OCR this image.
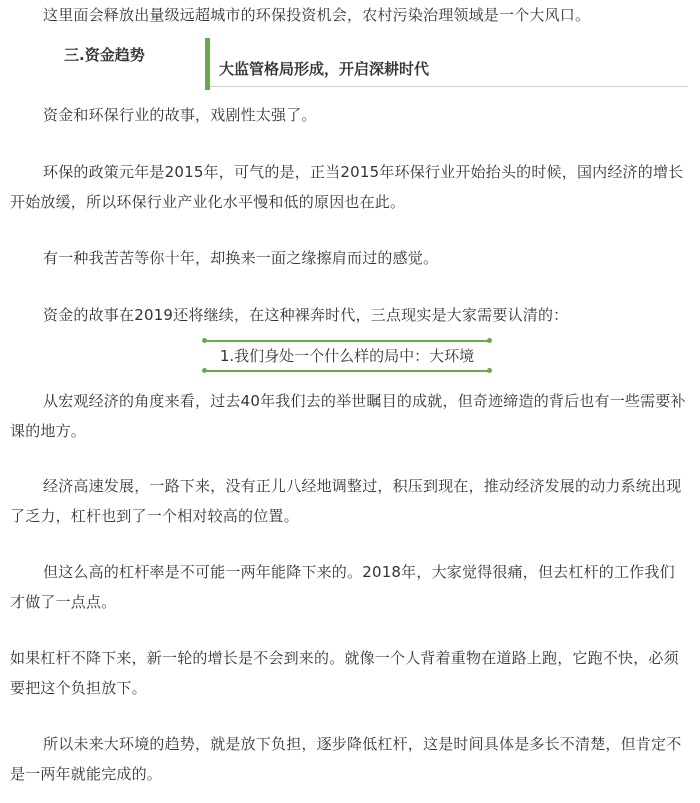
这里面会释放出量级远超城市的环保投资机会，农村污染治理领域是一个大风口。

三.资金趋势
大监管格局形成，开启深耕时代

资金和环保行业的故事，戏剧性太强了。

环保的政策元年是2015年，可气的是，正当2015年环保行业开始抬头的时候，国内经济的增长开始放缓，所以环保行业产业化水平慢和低的原因也在此。

有一种我苦苦等你十年，却换来一面之缘擦肩而过的感觉。

资金的故事在2019还将继续，在这种裸奔时代，三点现实是大家需要认清的：

1.我们身处一个什么样的局中：大环境

从宏观经济的角度来看，过去40年我们去的举世瞩目的成就，但奇迹缔造的背后也有一些需要补课的地方。

经济高速发展，一路下来，没有正儿八经地调整过，积压到现在，推动经济发展的动力系统出现了乏力，杠杆也到了一个相对较高的位置。

但这么高的杠杆率是不可能一两年能降下来的。2018年，大家觉得很痛，但去杠杆的工作我们才做了一点点。

如果杠杆不降下来，新一轮的增长是不会到来的。就像一个人背着重物在道路上跑，它跑不快，必须要把这个负担放下。

所以未来大环境的趋势，就是放下负担，逐步降低杠杆，这是时间具体是多长不清楚，但肯定不是一两年就能完成的。
